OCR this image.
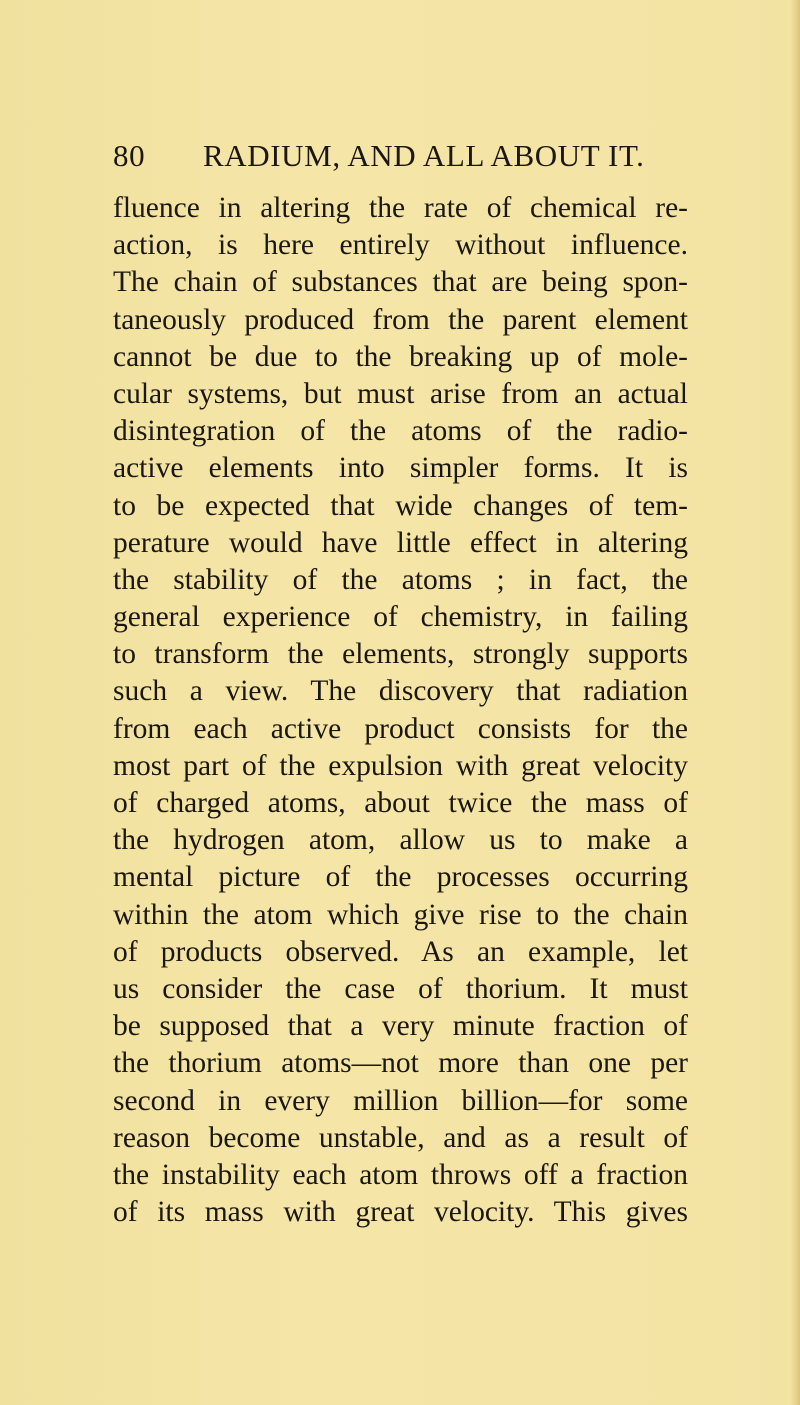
80 RADIUM, AND ALL ABOUT IT.
fluence in altering the rate of chemical re-
action, is here entirely without influence.
The chain of substances that are being spon-
taneously produced from the parent element
cannot be due to the breaking up of mole-
cular systems, but must arise from an actual
disintegration of the atoms of the radio-
active elements into simpler forms. It is
to be expected that wide changes of tem-
perature would have little effect in altering
the stability of the atoms ; in fact, the
general experience of chemistry, in failing
to transform the elements, strongly supports
such a view. The discovery that radiation
from each active product consists for the
most part of the expulsion with great velocity
of charged atoms, about twice the mass of
the hydrogen atom, allow us to make a
mental picture of the processes occurring
within the atom which give rise to the chain
of products observed. As an example, let
us consider the case of thorium. It must
be supposed that a very minute fraction of
the thorium atoms—not more than one per
second in every million billion—for some
reason become unstable, and as a result of
the instability each atom throws off a fraction
of its mass with great velocity. This gives
